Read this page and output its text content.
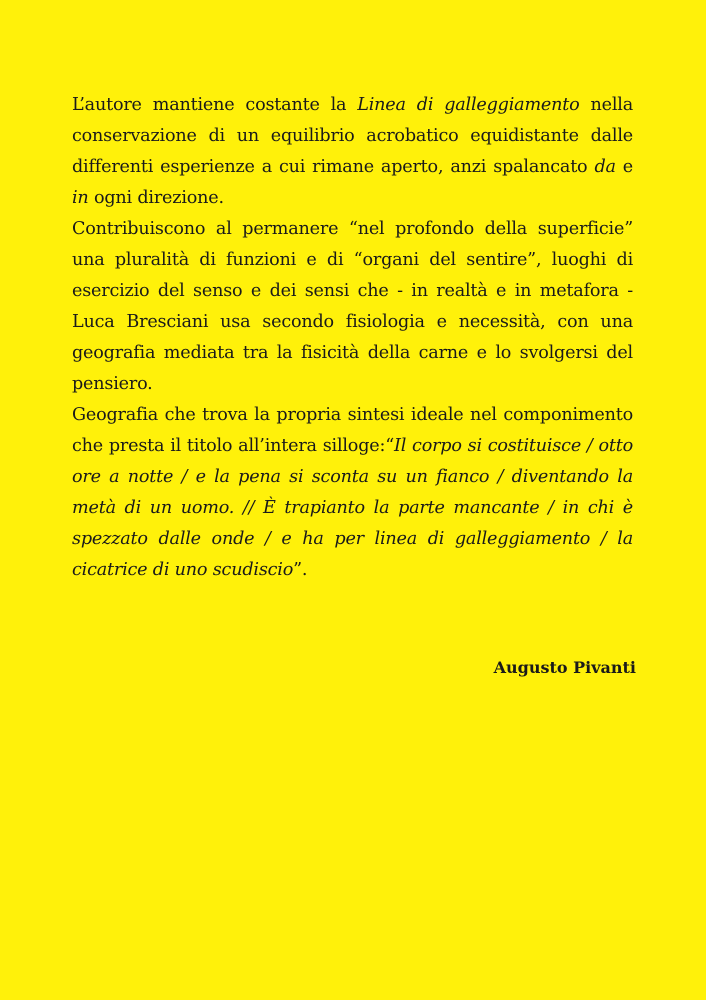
L’autore mantiene costante la Linea di galleggiamento nella conservazione di un equilibrio acrobatico equidistante dalle differenti esperienze a cui rimane aperto, anzi spalancato da e in ogni direzione.

Contribuiscono al permanere “nel profondo della superficie” una pluralità di funzioni e di “organi del sentire”, luoghi di esercizio del senso e dei sensi che - in realtà e in metafora - Luca Bresciani usa secondo fisiologia e necessità, con una geografia mediata tra la fisicità della carne e lo svolgersi del pensiero.

Geografia che trova la propria sintesi ideale nel componimento che presta il titolo all’intera silloge:“Il corpo si costituisce / otto ore a notte / e la pena si sconta su un fianco / diventando la metà di un uomo. // È trapianto la parte mancante / in chi è spezzato dalle onde / e ha per linea di galleggiamento / la cicatrice di uno scudiscio”.

Augusto Pivanti
